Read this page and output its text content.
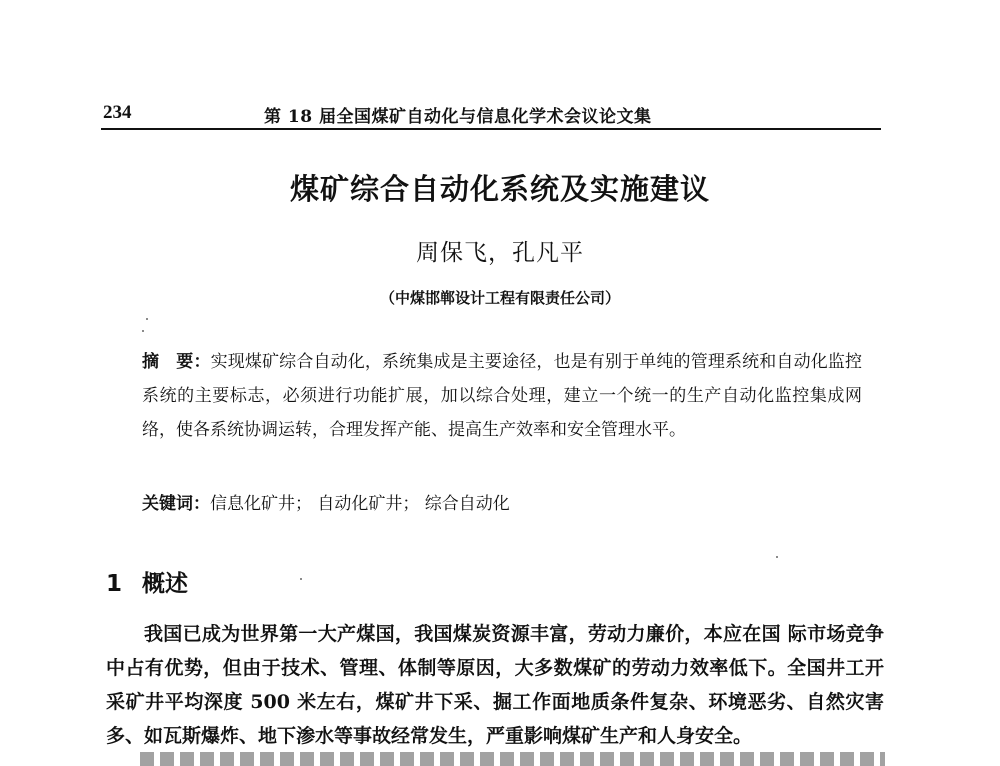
234	第 18 届全国煤矿自动化与信息化学术会议论文集
煤矿综合自动化系统及实施建议
周保飞，孔凡平
（中煤邯郸设计工程有限责任公司）
摘　要：实现煤矿综合自动化，系统集成是主要途径，也是有别于单纯的管理系统和自动化监控系统的主要标志，必须进行功能扩展，加以综合处理，建立一个统一的生产自动化监控集成网络，使各系统协调运转，合理发挥产能、提高生产效率和安全管理水平。
关键词：信息化矿井； 自动化矿井； 综合自动化
1 概述
我国已成为世界第一大产煤国，我国煤炭资源丰富，劳动力廉价，本应在国 际市场竞争中占有优势，但由于技术、管理、体制等原因，大多数煤矿的劳动力效率低下。全国井工开采矿井平均深度 500 米左右，煤矿井下采、掘工作面地质条件复杂、环境恶劣、自然灾害多、如瓦斯爆炸、地下渗水等事故经常发生，严重影响煤矿生产和人身安全。
